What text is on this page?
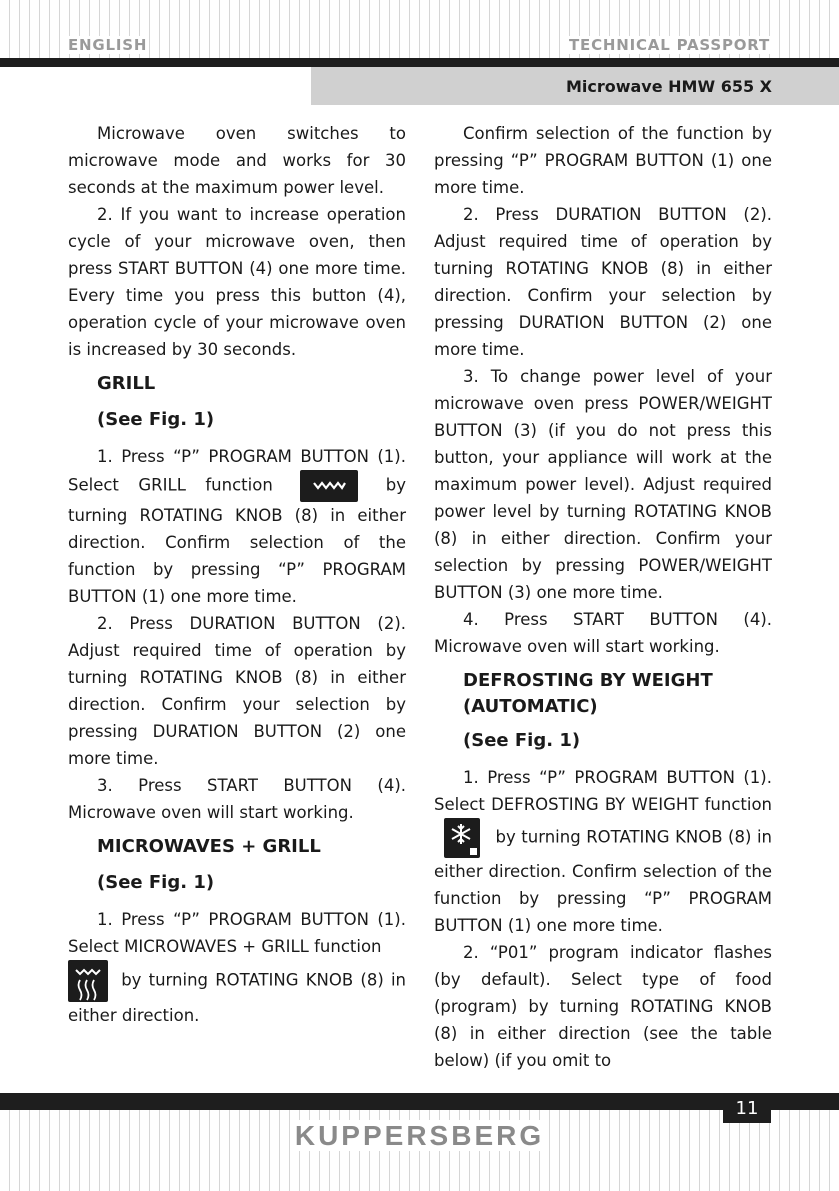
ENGLISH	TECHNICAL PASSPORT
Microwave HMW 655 X

Microwave oven switches to microwave mode and works for 30 seconds at the maximum power level.

2. If you want to increase operation cycle of your microwave oven, then press START BUTTON (4) one more time. Every time you press this button (4), operation cycle of your microwave oven is increased by 30 seconds.

GRILL
(See Fig. 1)

1. Press “P” PROGRAM BUTTON (1). Select GRILL function	by turning ROTATING KNOB (8) in either direction. Confirm selection of the function by pressing “P” PROGRAM BUTTON (1) one more time.

2. Press DURATION BUTTON (2). Adjust required time of operation by turning ROTATING KNOB (8) in either direction. Confirm your selection by pressing DURATION BUTTON (2) one more time.

3. Press START BUTTON (4). Microwave oven will start working.

MICROWAVES + GRILL
(See Fig. 1)

1. Press “P” PROGRAM BUTTON (1). Select MICROWAVES + GRILL function

by turning ROTATING KNOB (8) in either direction.

Confirm selection of the function by pressing “P” PROGRAM BUTTON (1) one more time.

2. Press DURATION BUTTON (2). Adjust required time of operation by turning ROTATING KNOB (8) in either direction. Confirm your selection by pressing DURATION BUTTON (2) one more time.

3. To change power level of your microwave oven press POWER/WEIGHT BUTTON (3) (if you do not press this button, your appliance will work at the maximum power level). Adjust required power level by turning ROTATING KNOB (8) in either direction. Confirm your selection by pressing POWER/WEIGHT BUTTON (3) one more time.

4. Press START BUTTON (4). Microwave oven will start working.

DEFROSTING BY WEIGHT
(AUTOMATIC)
(See Fig. 1)

1. Press “P” PROGRAM BUTTON (1). Select DEFROSTING BY WEIGHT function
by turning ROTATING KNOB (8) in either direction. Confirm selection of the function by pressing “P” PROGRAM BUTTON (1) one more time.

2. “P01” program indicator flashes (by default). Select type of food (program) by turning ROTATING KNOB (8) in either direction (see the table below) (if you omit to

11
KUPPERSBERG
